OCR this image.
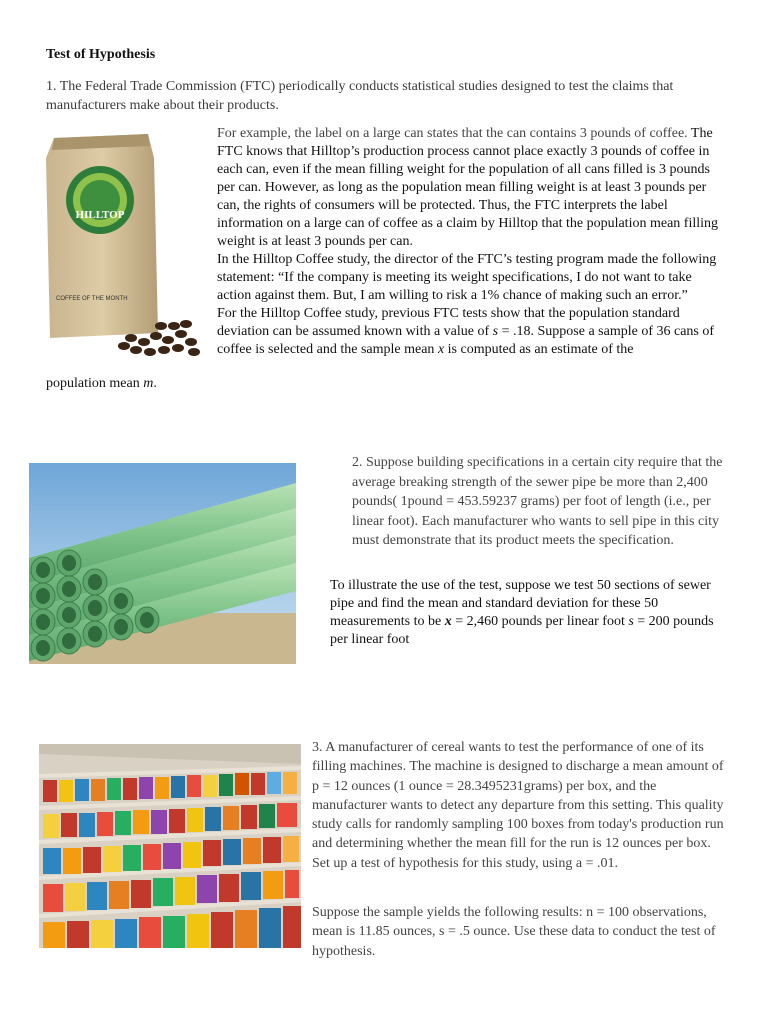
Test of Hypothesis
1. The Federal Trade Commission (FTC) periodically conducts statistical studies designed to test the claims that manufacturers make about their products.
HILLTOP
COFFEE OF THE MONTH
For example, the label on a large can states that the can contains 3 pounds of coffee. The FTC knows that Hilltop’s production process cannot place exactly 3 pounds of coffee in each can, even if the mean filling weight for the population of all cans filled is 3 pounds per can. However, as long as the population mean filling weight is at least 3 pounds per can, the rights of consumers will be protected. Thus, the FTC interprets the label information on a large can of coffee as a claim by Hilltop that the population mean filling weight is at least 3 pounds per can.
In the Hilltop Coffee study, the director of the FTC’s testing program made the following statement: “If the company is meeting its weight specifications, I do not want to take action against them. But, I am willing to risk a 1% chance of making such an error.”
For the Hilltop Coffee study, previous FTC tests show that the population standard deviation can be assumed known with a value of s = .18. Suppose a sample of 36 cans of coffee is selected and the sample mean x is computed as an estimate of the
population mean m.
2. Suppose building specifications in a certain city require that the average breaking strength of the sewer pipe be more than 2,400 pounds( 1pound = 453.59237 grams) per foot of length (i.e., per linear foot). Each manufacturer who wants to sell pipe in this city must demonstrate that its product meets the specification.
To illustrate the use of the test, suppose we test 50 sections of sewer pipe and find the mean and standard deviation for these 50 measurements to be x = 2,460 pounds per linear foot s = 200 pounds per linear foot
3. A manufacturer of cereal wants to test the performance of one of its filling machines. The machine is designed to discharge a mean amount of p = 12 ounces (1 ounce = 28.3495231grams) per box, and the manufacturer wants to detect any departure from this setting. This quality study calls for randomly sampling 100 boxes from today's production run and determining whether the mean fill for the run is 12 ounces per box. Set up a test of hypothesis for this study, using a = .01.
Suppose the sample yields the following results: n = 100 observations, mean is 11.85 ounces, s = .5 ounce. Use these data to conduct the test of hypothesis.
